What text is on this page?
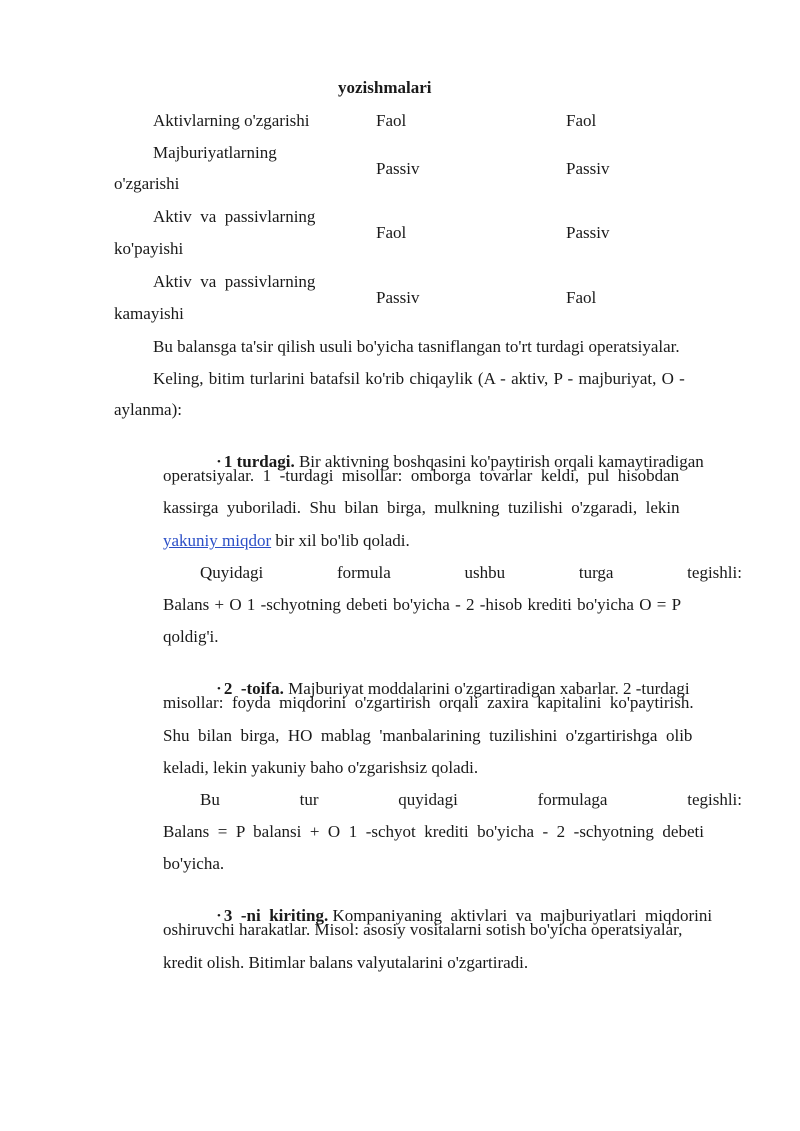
yozishmalari
Aktivlarning o'zgarishi	Faol	Faol
Majburiyatlarning
o'zgarishi
Passiv	Passiv
Aktiv  va  passivlarning
ko'payishi
Faol	Passiv
Aktiv  va  passivlarning
kamayishi
Passiv	Faol
Bu balansga ta'sir qilish usuli bo'yicha tasniflangan to'rt turdagi operatsiyalar.
Keling, bitim turlarini batafsil ko'rib chiqaylik (A - aktiv, P - majburiyat, O -
aylanma):

• 1 turdagi. Bir aktivning boshqasini ko'paytirish orqali kamaytiradigan

operatsiyalar.  1  -turdagi  misollar:  omborga  tovarlar  keldi,  pul  hisobdan
kassirga  yuboriladi.  Shu  bilan  birga,  mulkning  tuzilishi  o'zgaradi,  lekin
yakuniy miqdor bir xil bo'lib qoladi.
Quyidagi	formula	ushbu	turga	tegishli:
Balans + O 1 -schyotning debeti bo'yicha - 2 -hisob krediti bo'yicha O = P
qoldig'i.

• 2  -toifa. Majburiyat moddalarini o'zgartiradigan xabarlar. 2 -turdagi

misollar:  foyda  miqdorini  o'zgartirish  orqali  zaxira  kapitalini  ko'paytirish.
Shu  bilan  birga,  HO  mablag  'manbalarining  tuzilishini  o'zgartirishga  olib
keladi, lekin yakuniy baho o'zgarishsiz qoladi.
Bu	tur	quyidagi	formulaga	tegishli:
Balans  =  P  balansi  +  O  1  -schyot  krediti  bo'yicha  -  2  -schyotning  debeti
bo'yicha.

• 3  -ni  kiriting. Kompaniyaning  aktivlari  va  majburiyatlari  miqdorini

oshiruvchi harakatlar. Misol: asosiy vositalarni sotish bo'yicha operatsiyalar,
kredit olish. Bitimlar balans valyutalarini o'zgartiradi.
